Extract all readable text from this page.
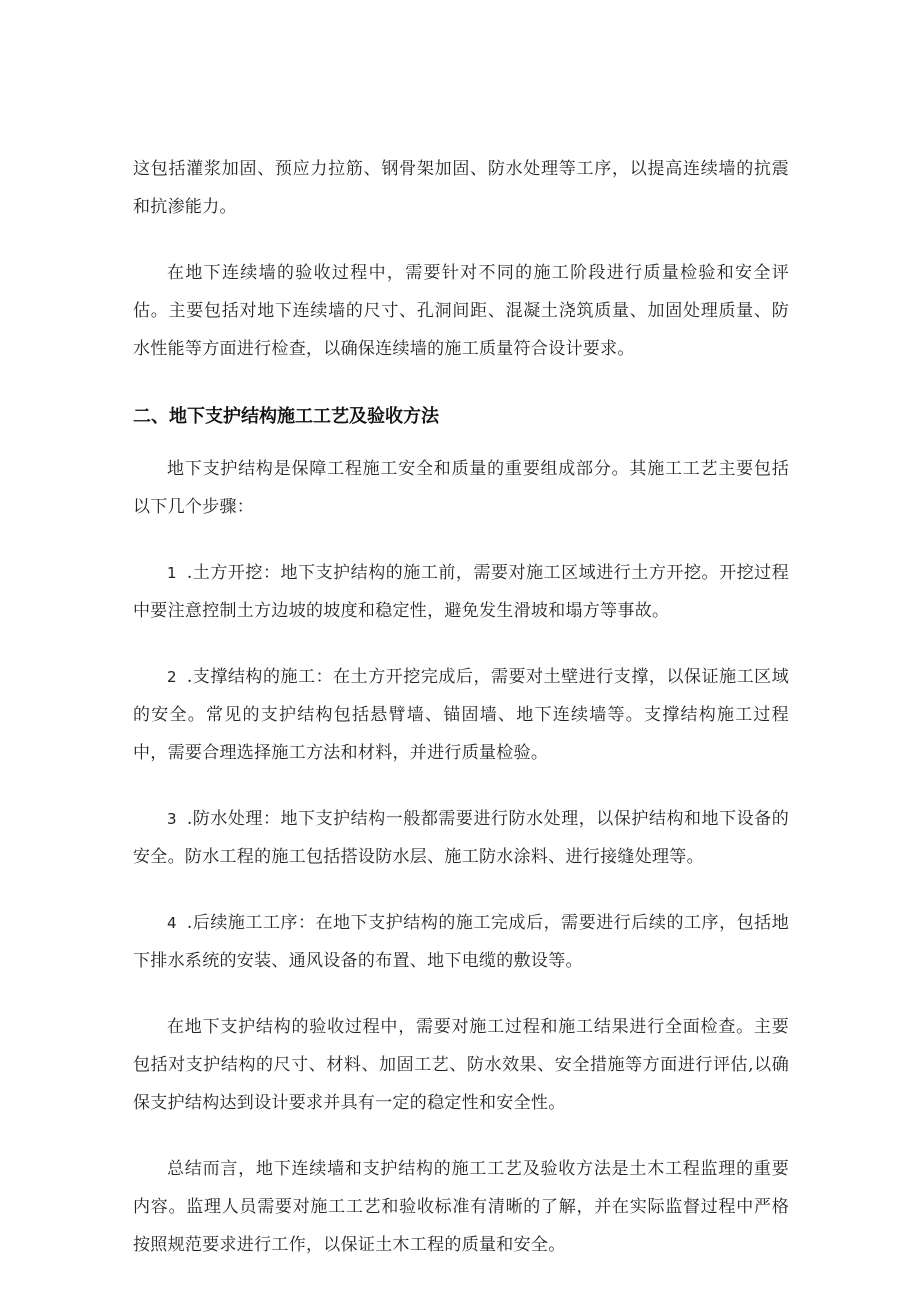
这包括灌浆加固、预应力拉筋、钢骨架加固、防水处理等工序，以提高连续墙的抗震和抗渗能力。

在地下连续墙的验收过程中，需要针对不同的施工阶段进行质量检验和安全评估。主要包括对地下连续墙的尺寸、孔洞间距、混凝土浇筑质量、加固处理质量、防水性能等方面进行检查，以确保连续墙的施工质量符合设计要求。

二、地下支护结构施工工艺及验收方法

地下支护结构是保障工程施工安全和质量的重要组成部分。其施工工艺主要包括以下几个步骤：

1 .土方开挖：地下支护结构的施工前，需要对施工区域进行土方开挖。开挖过程中要注意控制土方边坡的坡度和稳定性，避免发生滑坡和塌方等事故。

2 .支撑结构的施工：在土方开挖完成后，需要对土壁进行支撑，以保证施工区域的安全。常见的支护结构包括悬臂墙、锚固墙、地下连续墙等。支撑结构施工过程中，需要合理选择施工方法和材料，并进行质量检验。

3 .防水处理：地下支护结构一般都需要进行防水处理，以保护结构和地下设备的安全。防水工程的施工包括搭设防水层、施工防水涂料、进行接缝处理等。

4 .后续施工工序：在地下支护结构的施工完成后，需要进行后续的工序，包括地下排水系统的安装、通风设备的布置、地下电缆的敷设等。

在地下支护结构的验收过程中，需要对施工过程和施工结果进行全面检查。主要包括对支护结构的尺寸、材料、加固工艺、防水效果、安全措施等方面进行评估,以确保支护结构达到设计要求并具有一定的稳定性和安全性。

总结而言，地下连续墙和支护结构的施工工艺及验收方法是土木工程监理的重要内容。监理人员需要对施工工艺和验收标准有清晰的了解，并在实际监督过程中严格按照规范要求进行工作，以保证土木工程的质量和安全。
